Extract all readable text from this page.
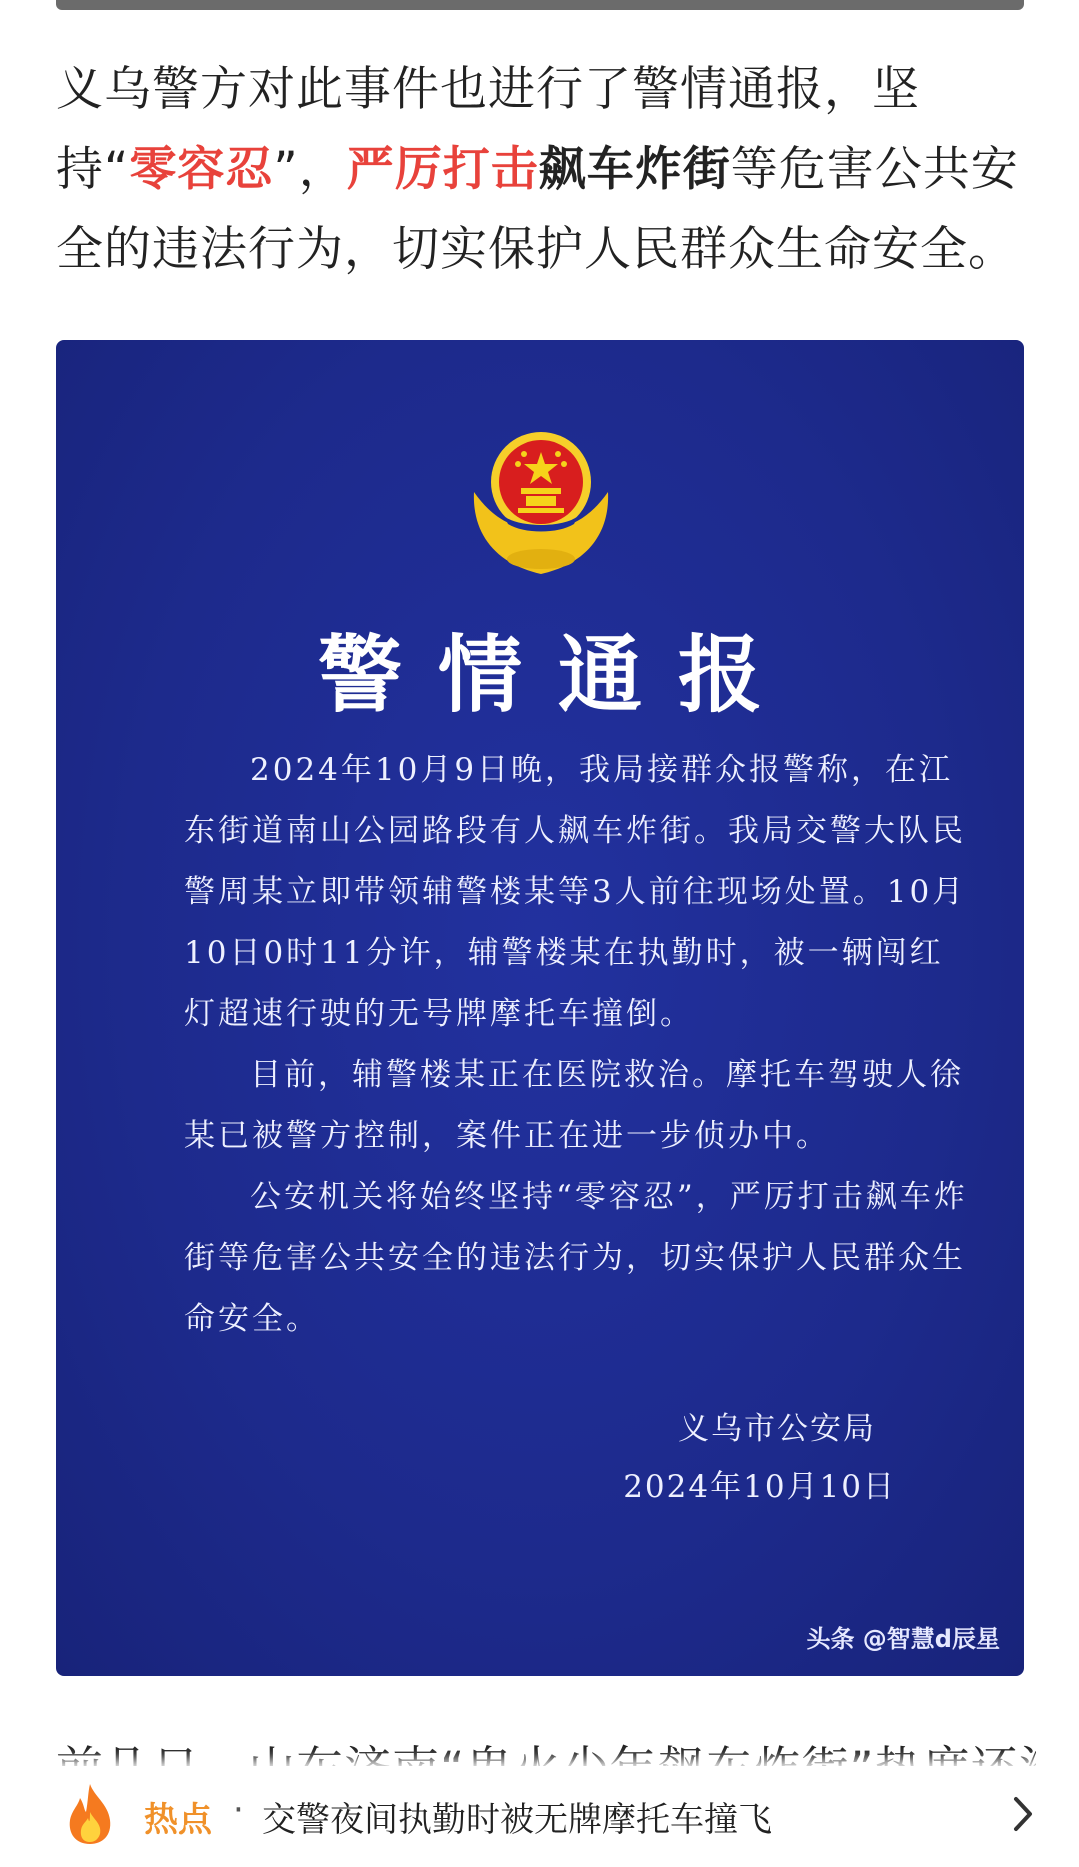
义乌警方对此事件也进行了警情通报，坚持“零容忍”，严厉打击飙车炸街等危害公共安全的违法行为，切实保护人民群众生命安全。
警情通报

2024年10月9日晚，我局接群众报警称，在江东街道南山公园路段有人飙车炸街。我局交警大队民警周某立即带领辅警楼某等3人前往现场处置。10月10日0时11分许，辅警楼某在执勤时，被一辆闯红灯超速行驶的无号牌摩托车撞倒。

目前，辅警楼某正在医院救治。摩托车驾驶人徐某已被警方控制，案件正在进一步侦办中。

公安机关将始终坚持“零容忍”，严厉打击飙车炸街等危害公共安全的违法行为，切实保护人民群众生命安全。

义乌市公安局
2024年10月10日
头条 @智慧d辰星
热点 · 交警夜间执勤时被无牌摩托车撞飞
